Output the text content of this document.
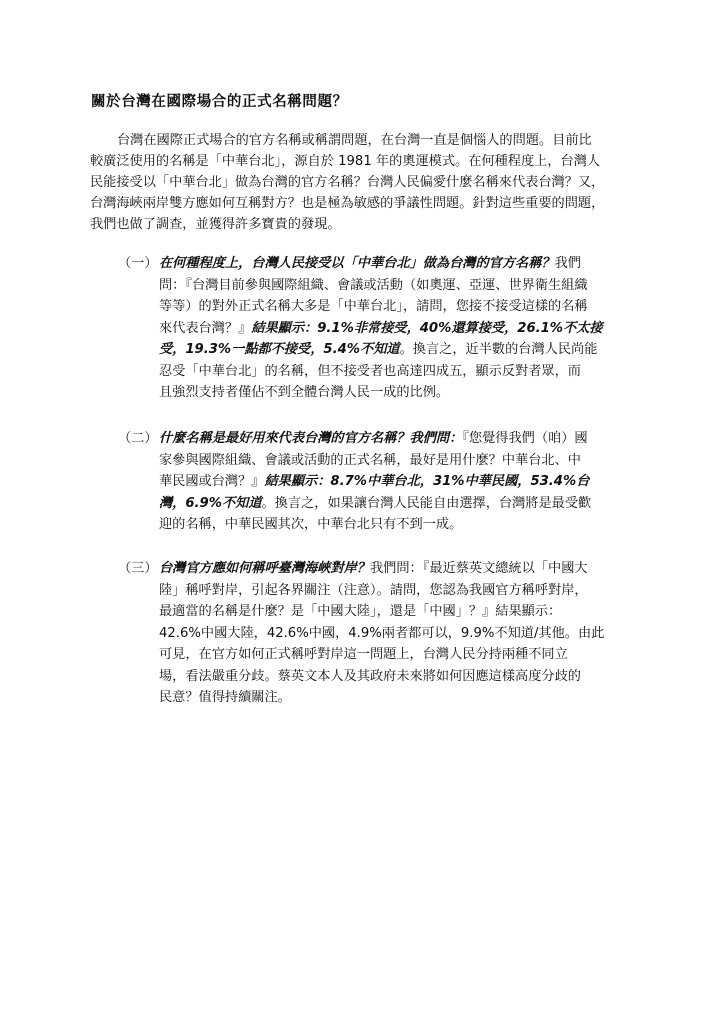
關於台灣在國際場合的正式名稱問題？
台灣在國際正式場合的官方名稱或稱謂問題，在台灣一直是個惱人的問題。目前比
較廣泛使用的名稱是「中華台北」，源自於 1981 年的奧運模式。在何種程度上，台灣人
民能接受以「中華台北」做為台灣的官方名稱？台灣人民偏愛什麼名稱來代表台灣？又，
台灣海峽兩岸雙方應如何互稱對方？也是極為敏感的爭議性問題。針對這些重要的問題，
我們也做了調查，並獲得許多寶貴的發現。
（一） 在何種程度上，台灣人民接受以「中華台北」做為台灣的官方名稱？我們
問：『台灣目前參與國際組織、會議或活動（如奧運、亞運、世界衛生組織
等等）的對外正式名稱大多是「中華台北」，請問，您接不接受這樣的名稱
來代表台灣？』結果顯示：9.1%非常接受，40%還算接受，26.1%不太接
受，19.3%一點都不接受，5.4%不知道。換言之，近半數的台灣人民尚能
忍受「中華台北」的名稱，但不接受者也高達四成五，顯示反對者眾，而
且強烈支持者僅佔不到全體台灣人民一成的比例。
（二） 什麼名稱是最好用來代表台灣的官方名稱？我們問：『您覺得我們（咱）國
家參與國際組織、會議或活動的正式名稱，最好是用什麼？中華台北、中
華民國或台灣？』結果顯示：8.7%中華台北，31%中華民國，53.4%台
灣，6.9%不知道。換言之，如果讓台灣人民能自由選擇，台灣將是最受歡
迎的名稱，中華民國其次，中華台北只有不到一成。
（三） 台灣官方應如何稱呼臺灣海峽對岸？我們問：『最近蔡英文總統以「中國大
陸」稱呼對岸，引起各界關注（注意）。請問，您認為我國官方稱呼對岸，
最適當的名稱是什麼？是「中國大陸」，還是「中國」？』結果顯示：
42.6%中國大陸，42.6%中國，4.9%兩者都可以，9.9%不知道/其他。由此
可見，在官方如何正式稱呼對岸這一問題上，台灣人民分持兩種不同立
場，看法嚴重分歧。蔡英文本人及其政府未來將如何因應這樣高度分歧的
民意？值得持續關注。
